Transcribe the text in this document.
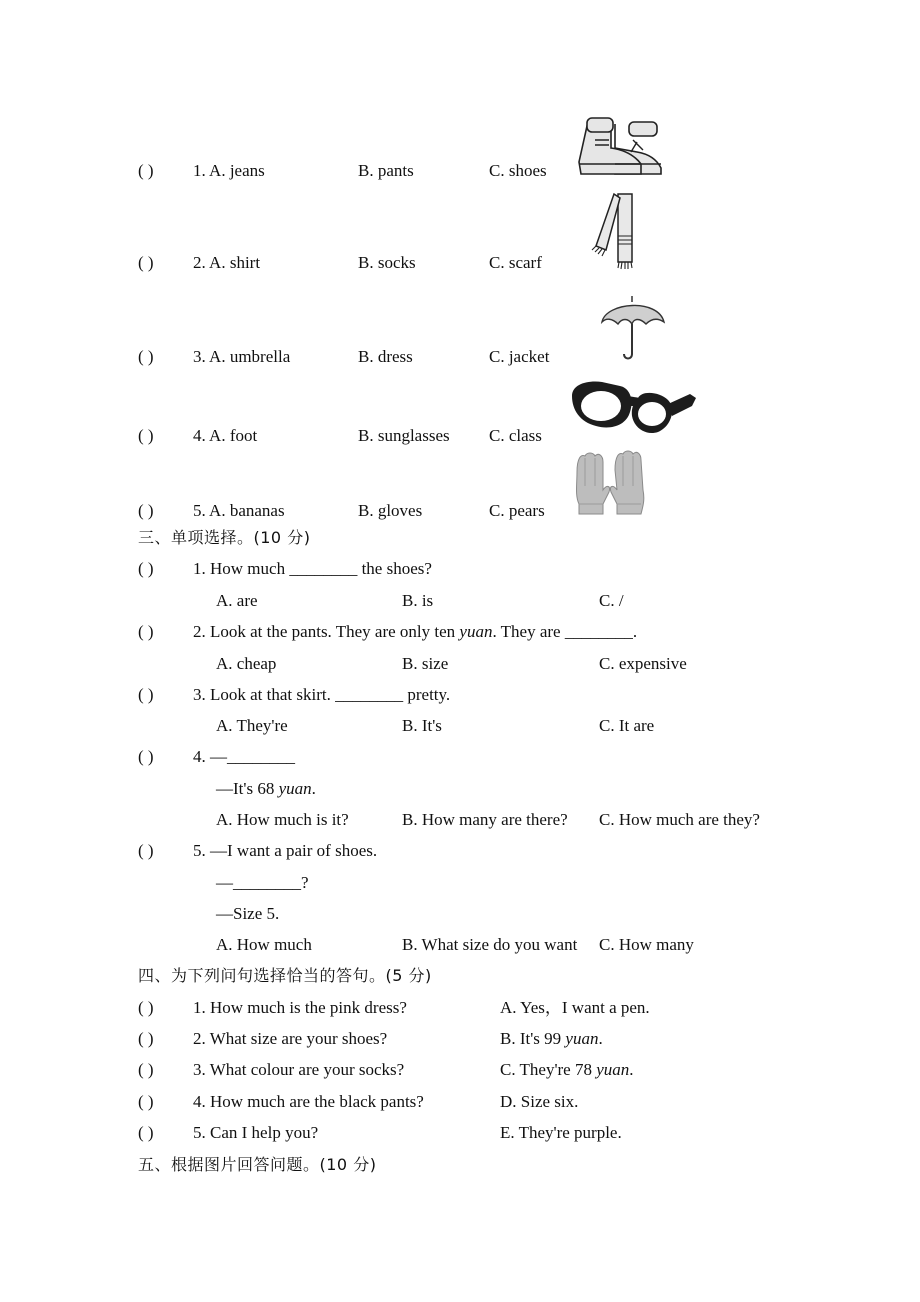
( ) 1. A. jeans	B. pants	C. shoes
( ) 2. A. shirt	B. socks	C. scarf
( ) 3. A. umbrella	B. dress	C. jacket
( ) 4. A. foot	B. sunglasses C. class
( ) 5. A. bananas	B. gloves	C. pears
三、单项选择。(10 分)
( ) 1. How much ________ the shoes?
A. are	B. is	C. /
( ) 2. Look at the pants. They are only ten yuan. They are ________.
A. cheap	B. size	C. expensive
( ) 3. Look at that skirt. ________ pretty.
A. They're	B. It's	C. It are
( ) 4. —________
—It's 68 yuan.
A. How much is it?	B. How many are there? C. How much are they?
( ) 5. —I want a pair of shoes.
—________?
—Size 5.
A. How much	B. What size do you want C. How many
四、为下列问句选择恰当的答句。(5 分)
( ) 1. How much is the pink dress?	A. Yes，I want a pen.
( ) 2. What size are your shoes?	B. It's 99 yuan.
( ) 3. What colour are your socks?	C. They're 78 yuan.
( ) 4. How much are the black pants?	D. Size six.
( ) 5. Can I help you?	E. They're purple.
五、根据图片回答问题。(10 分)
